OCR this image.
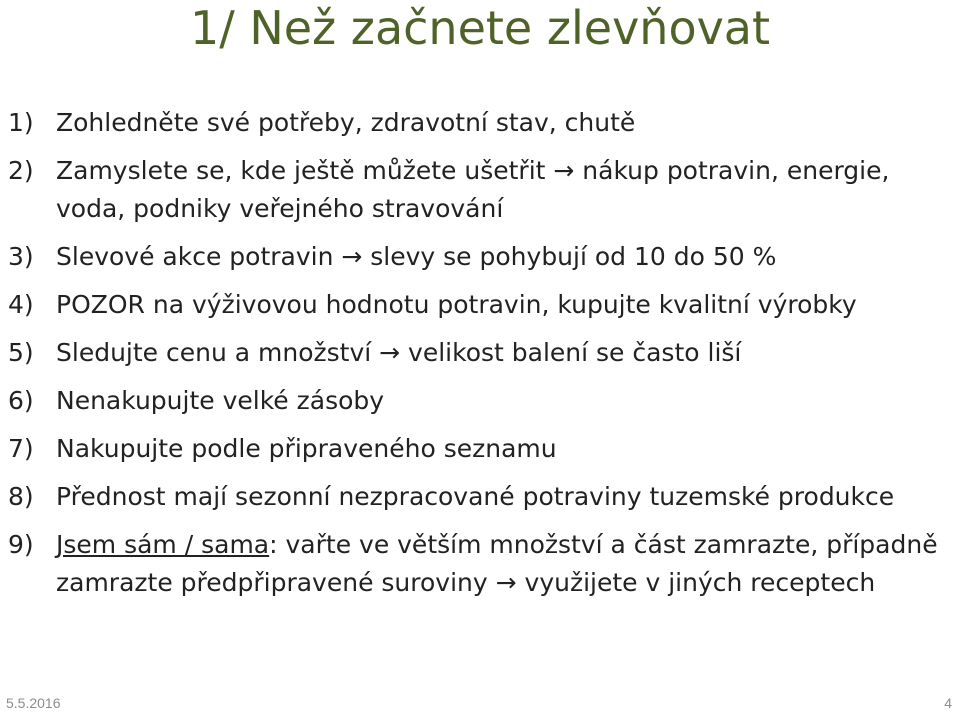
1/ Než začnete zlevňovat
1) Zohledněte své potřeby, zdravotní stav, chutě
2) Zamyslete se, kde ještě můžete ušetřit → nákup potravin, energie, voda, podniky veřejného stravování
3) Slevové akce potravin → slevy se pohybují od 10 do 50 %
4) POZOR na výživovou hodnotu potravin, kupujte kvalitní výrobky
5) Sledujte cenu a množství → velikost balení se často liší
6) Nenakupujte velké zásoby
7) Nakupujte podle připraveného seznamu
8) Přednost mají sezonní nezpracované potraviny tuzemské produkce
9) Jsem sám / sama: vařte ve větším množství a část zamrazte, případně zamrazte předpřipravené suroviny → využijete v jiných receptech
5.5.2016	4
